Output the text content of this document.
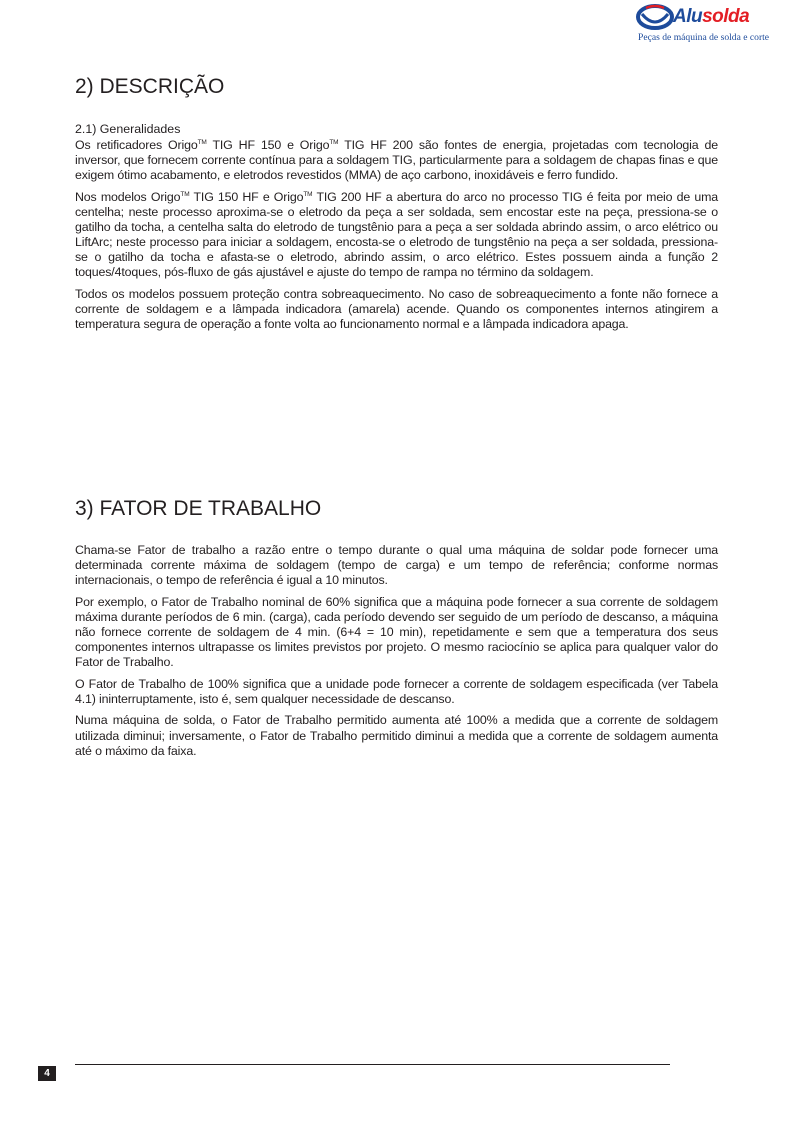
Alusolda
Peças de máquina de solda e corte
2) DESCRIÇÃO
2.1) Generalidades

Os retificadores Origo™ TIG HF 150 e Origo™ TIG HF 200 são fontes de energia, projetadas com tecnologia de inversor, que fornecem corrente contínua para a soldagem TIG, particularmente para a soldagem de chapas finas e que exigem ótimo acabamento, e eletrodos revestidos (MMA) de aço carbono, inoxidáveis e ferro fundido.

Nos modelos Origo™ TIG 150 HF e Origo™ TIG 200 HF a abertura do arco no processo TIG é feita por meio de uma centelha; neste processo aproxima-se o eletrodo da peça a ser soldada, sem encostar este na peça, pressiona-se o gatilho da tocha, a centelha salta do eletrodo de tungstênio para a peça a ser soldada abrindo assim, o arco elétrico ou LiftArc; neste processo para iniciar a soldagem, encosta-se o eletrodo de tungstênio na peça a ser soldada, pressiona-se o gatilho da tocha e afasta-se o eletrodo, abrindo assim, o arco elétrico. Estes possuem ainda a função 2 toques/4toques, pós-fluxo de gás ajustável e ajuste do tempo de rampa no término da soldagem.

Todos os modelos possuem proteção contra sobreaquecimento. No caso de sobreaquecimento a fonte não fornece a corrente de soldagem e a lâmpada indicadora (amarela) acende. Quando os componentes internos atingirem a temperatura segura de operação a fonte volta ao funcionamento normal e a lâmpada indicadora apaga.

3) FATOR DE TRABALHO

Chama-se Fator de trabalho a razão entre o tempo durante o qual uma máquina de soldar pode fornecer uma determinada corrente máxima de soldagem (tempo de carga) e um tempo de referência; conforme normas internacionais, o tempo de referência é igual a 10 minutos.

Por exemplo, o Fator de Trabalho nominal de 60% significa que a máquina pode fornecer a sua corrente de soldagem máxima durante períodos de 6 min. (carga), cada período devendo ser seguido de um período de descanso, a máquina não fornece corrente de soldagem de 4 min. (6+4 = 10 min), repetidamente e sem que a temperatura dos seus componentes internos ultrapasse os limites previstos por projeto. O mesmo raciocínio se aplica para qualquer valor do Fator de Trabalho.

O Fator de Trabalho de 100% significa que a unidade pode fornecer a corrente de soldagem especificada (ver Tabela 4.1) ininterruptamente, isto é, sem qualquer necessidade de descanso.

Numa máquina de solda, o Fator de Trabalho permitido aumenta até 100% a medida que a corrente de soldagem utilizada diminui; inversamente, o Fator de Trabalho permitido diminui a medida que a corrente de soldagem aumenta até o máximo da faixa.

4
